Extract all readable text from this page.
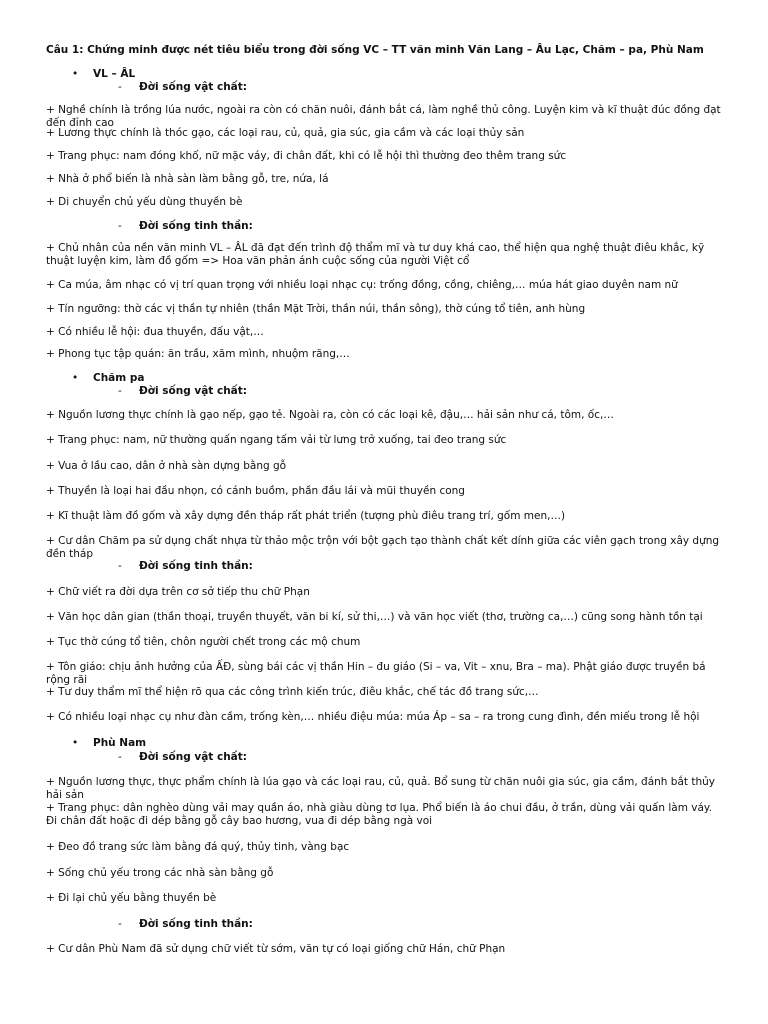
Câu 1: Chứng minh được nét tiêu biểu trong đời sống VC – TT văn minh Văn Lang – Âu Lạc, Chăm – pa, Phù Nam
• VL – ÂL
- Đời sống vật chất:
+ Nghề chính là trồng lúa nước, ngoài ra còn có chăn nuôi, đánh bắt cá, làm nghề thủ công. Luyện kim và kĩ thuật đúc đồng đạt đến đỉnh cao
+ Lương thực chính là thóc gạo, các loại rau, củ, quả, gia súc, gia cầm và các loại thủy sản
+ Trang phục: nam đóng khố, nữ mặc váy, đi chân đất, khi có lễ hội thì thường đeo thêm trang sức
+ Nhà ở phổ biến là nhà sàn làm bằng gỗ, tre, nứa, lá
+ Di chuyển chủ yếu dùng thuyền bè
- Đời sống tinh thần:
+ Chủ nhân của nền văn minh VL – ÂL đã đạt đến trình độ thẩm mĩ và tư duy khá cao, thể hiện qua nghệ thuật điêu khắc, kỹ thuật luyện kim, làm đồ gốm => Hoa văn phản ánh cuộc sống của người Việt cổ
+ Ca múa, âm nhạc có vị trí quan trọng với nhiều loại nhạc cụ: trống đồng, cồng, chiêng,… múa hát giao duyên nam nữ
+ Tín ngưỡng: thờ các vị thần tự nhiên (thần Mặt Trời, thần núi, thần sông), thờ cúng tổ tiên, anh hùng
+ Có nhiều lễ hội: đua thuyền, đấu vật,…
+ Phong tục tập quán: ăn trầu, xăm mình, nhuộm răng,…
• Chăm pa
- Đời sống vật chất:
+ Nguồn lương thực chính là gạo nếp, gạo tẻ. Ngoài ra, còn có các loại kê, đậu,… hải sản như cá, tôm, ốc,…
+ Trang phục: nam, nữ thường quấn ngang tấm vải từ lưng trở xuống, tai đeo trang sức
+ Vua ở lầu cao, dân ở nhà sàn dựng bằng gỗ
+ Thuyền là loại hai đầu nhọn, có cánh buồm, phần đầu lái và mũi thuyền cong
+ Kĩ thuật làm đồ gốm và xây dựng đền tháp rất phát triển (tượng phù điêu trang trí, gốm men,…)
+ Cư dân Chăm pa sử dụng chất nhựa từ thảo mộc trộn với bột gạch tạo thành chất kết dính giữa các viên gạch trong xây dựng đền tháp
- Đời sống tinh thần:
+ Chữ viết ra đời dựa trên cơ sở tiếp thu chữ Phạn
+ Văn học dân gian (thần thoại, truyền thuyết, văn bi kí, sử thi,…) và văn học viết (thơ, trường ca,…) cũng song hành tồn tại
+ Tục thờ cúng tổ tiên, chôn người chết trong các mộ chum
+ Tôn giáo: chịu ảnh hưởng của ẤĐ, sùng bái các vị thần Hin – đu giáo (Si – va, Vit – xnu, Bra – ma). Phật giáo được truyền bá rộng rãi
+ Tư duy thẩm mĩ thể hiện rõ qua các công trình kiến trúc, điêu khắc, chế tác đồ trang sức,…
+ Có nhiều loại nhạc cụ như đàn cầm, trống kèn,… nhiều điệu múa: múa Áp – sa – ra trong cung đình, đền miếu trong lễ hội
• Phù Nam
- Đời sống vật chất:
+ Nguồn lương thực, thực phẩm chính là lúa gạo và các loại rau, củ, quả. Bổ sung từ chăn nuôi gia súc, gia cầm, đánh bắt thủy hải sản
+ Trang phục: dân nghèo dùng vải may quần áo, nhà giàu dùng tơ lụa. Phổ biến là áo chui đầu, ở trần, dùng vải quấn làm váy. Đi chân đất hoặc đi dép bằng gỗ cây bao hương, vua đi dép bằng ngà voi
+ Đeo đồ trang sức làm bằng đá quý, thủy tinh, vàng bạc
+ Sống chủ yếu trong các nhà sàn bằng gỗ
+ Đi lại chủ yếu bằng thuyền bè
- Đời sống tinh thần:
+ Cư dân Phù Nam đã sử dụng chữ viết từ sớm, văn tự có loại giống chữ Hán, chữ Phạn
